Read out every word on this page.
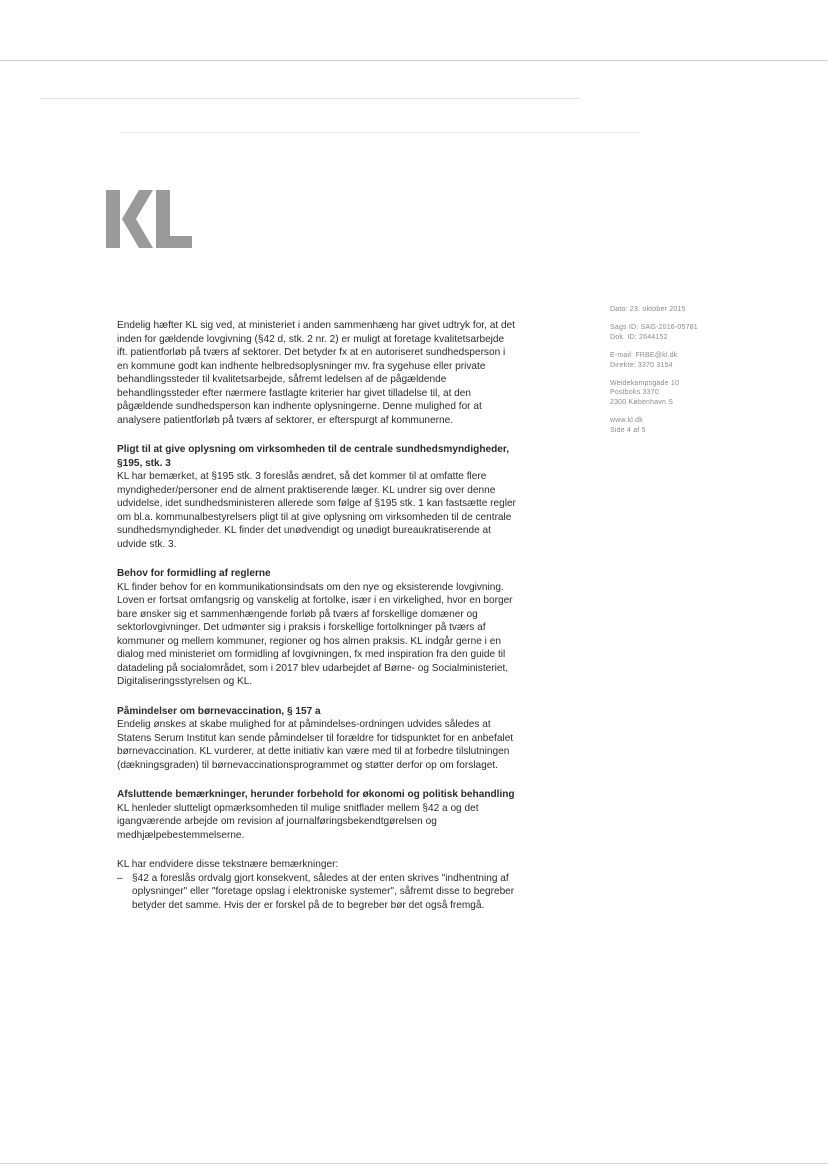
Dato: 23. oktober 2015
Sags ID: SAG-2016-05781
Dok. ID: 2644152
E-mail: FRBE@kl.dk
Direkte: 3370 3154
Weidekampsgade 10
Postboks 3370
2300 København S
www.kl.dk
Side 4 af 5

Endelig hæfter KL sig ved, at ministeriet i anden sammenhæng har givet udtryk for, at det inden for gældende lovgivning (§42 d, stk. 2 nr. 2) er muligt at foretage kvalitetsarbejde ift. patientforløb på tværs af sektorer. Det betyder fx at en autoriseret sundhedsperson i en kommune godt kan indhente helbredsoplysninger mv. fra sygehuse eller private behandlingssteder til kvalitetsarbejde, såfremt ledelsen af de pågældende behandlingssteder efter nærmere fastlagte kriterier har givet tilladelse til, at den pågældende sundhedsperson kan indhente oplysningerne. Denne mulighed for at analysere patientforløb på tværs af sektorer, er efterspurgt af kommunerne.

Pligt til at give oplysning om virksomheden til de centrale sundhedsmyndigheder, §195, stk. 3

KL har bemærket, at §195 stk. 3 foreslås ændret, så det kommer til at omfatte flere myndigheder/personer end de alment praktiserende læger. KL undrer sig over denne udvidelse, idet sundhedsministeren allerede som følge af §195 stk. 1 kan fastsætte regler om bl.a. kommunalbestyrelsers pligt til at give oplysning om virksomheden til de centrale sundhedsmyndigheder. KL finder det unødvendigt og unødigt bureaukratiserende at udvide stk. 3.

Behov for formidling af reglerne

KL finder behov for en kommunikationsindsats om den nye og eksisterende lovgivning. Loven er fortsat omfangsrig og vanskelig at fortolke, især i en virkelighed, hvor en borger bare ønsker sig et sammenhængende forløb på tværs af forskellige domæner og sektorlovgivninger. Det udmønter sig i praksis i forskellige fortolkninger på tværs af kommuner og mellem kommuner, regioner og hos almen praksis. KL indgår gerne i en dialog med ministeriet om formidling af lovgivningen, fx med inspiration fra den guide til datadeling på socialområdet, som i 2017 blev udarbejdet af Børne- og Socialministeriet, Digitaliseringsstyrelsen og KL.

Påmindelser om børnevaccination, § 157 a

Endelig ønskes at skabe mulighed for at påmindelses-ordningen udvides således at Statens Serum Institut kan sende påmindelser til forældre for tidspunktet for en anbefalet børnevaccination. KL vurderer, at dette initiativ kan være med til at forbedre tilslutningen (dækningsgraden) til børnevaccinationsprogrammet og støtter derfor op om forslaget.

Afsluttende bemærkninger, herunder forbehold for økonomi og politisk behandling

KL henleder slutteligt opmærksomheden til mulige snitflader mellem §42 a og det igangværende arbejde om revision af journalføringsbekendtgørelsen og medhjælpebestemmelserne.

KL har endvidere disse tekstnære bemærkninger:

– §42 a foreslås ordvalg gjort konsekvent, således at der enten skrives "indhentning af oplysninger" eller "foretage opslag i elektroniske systemer", såfremt disse to begreber betyder det samme. Hvis der er forskel på de to begreber bør det også fremgå.
